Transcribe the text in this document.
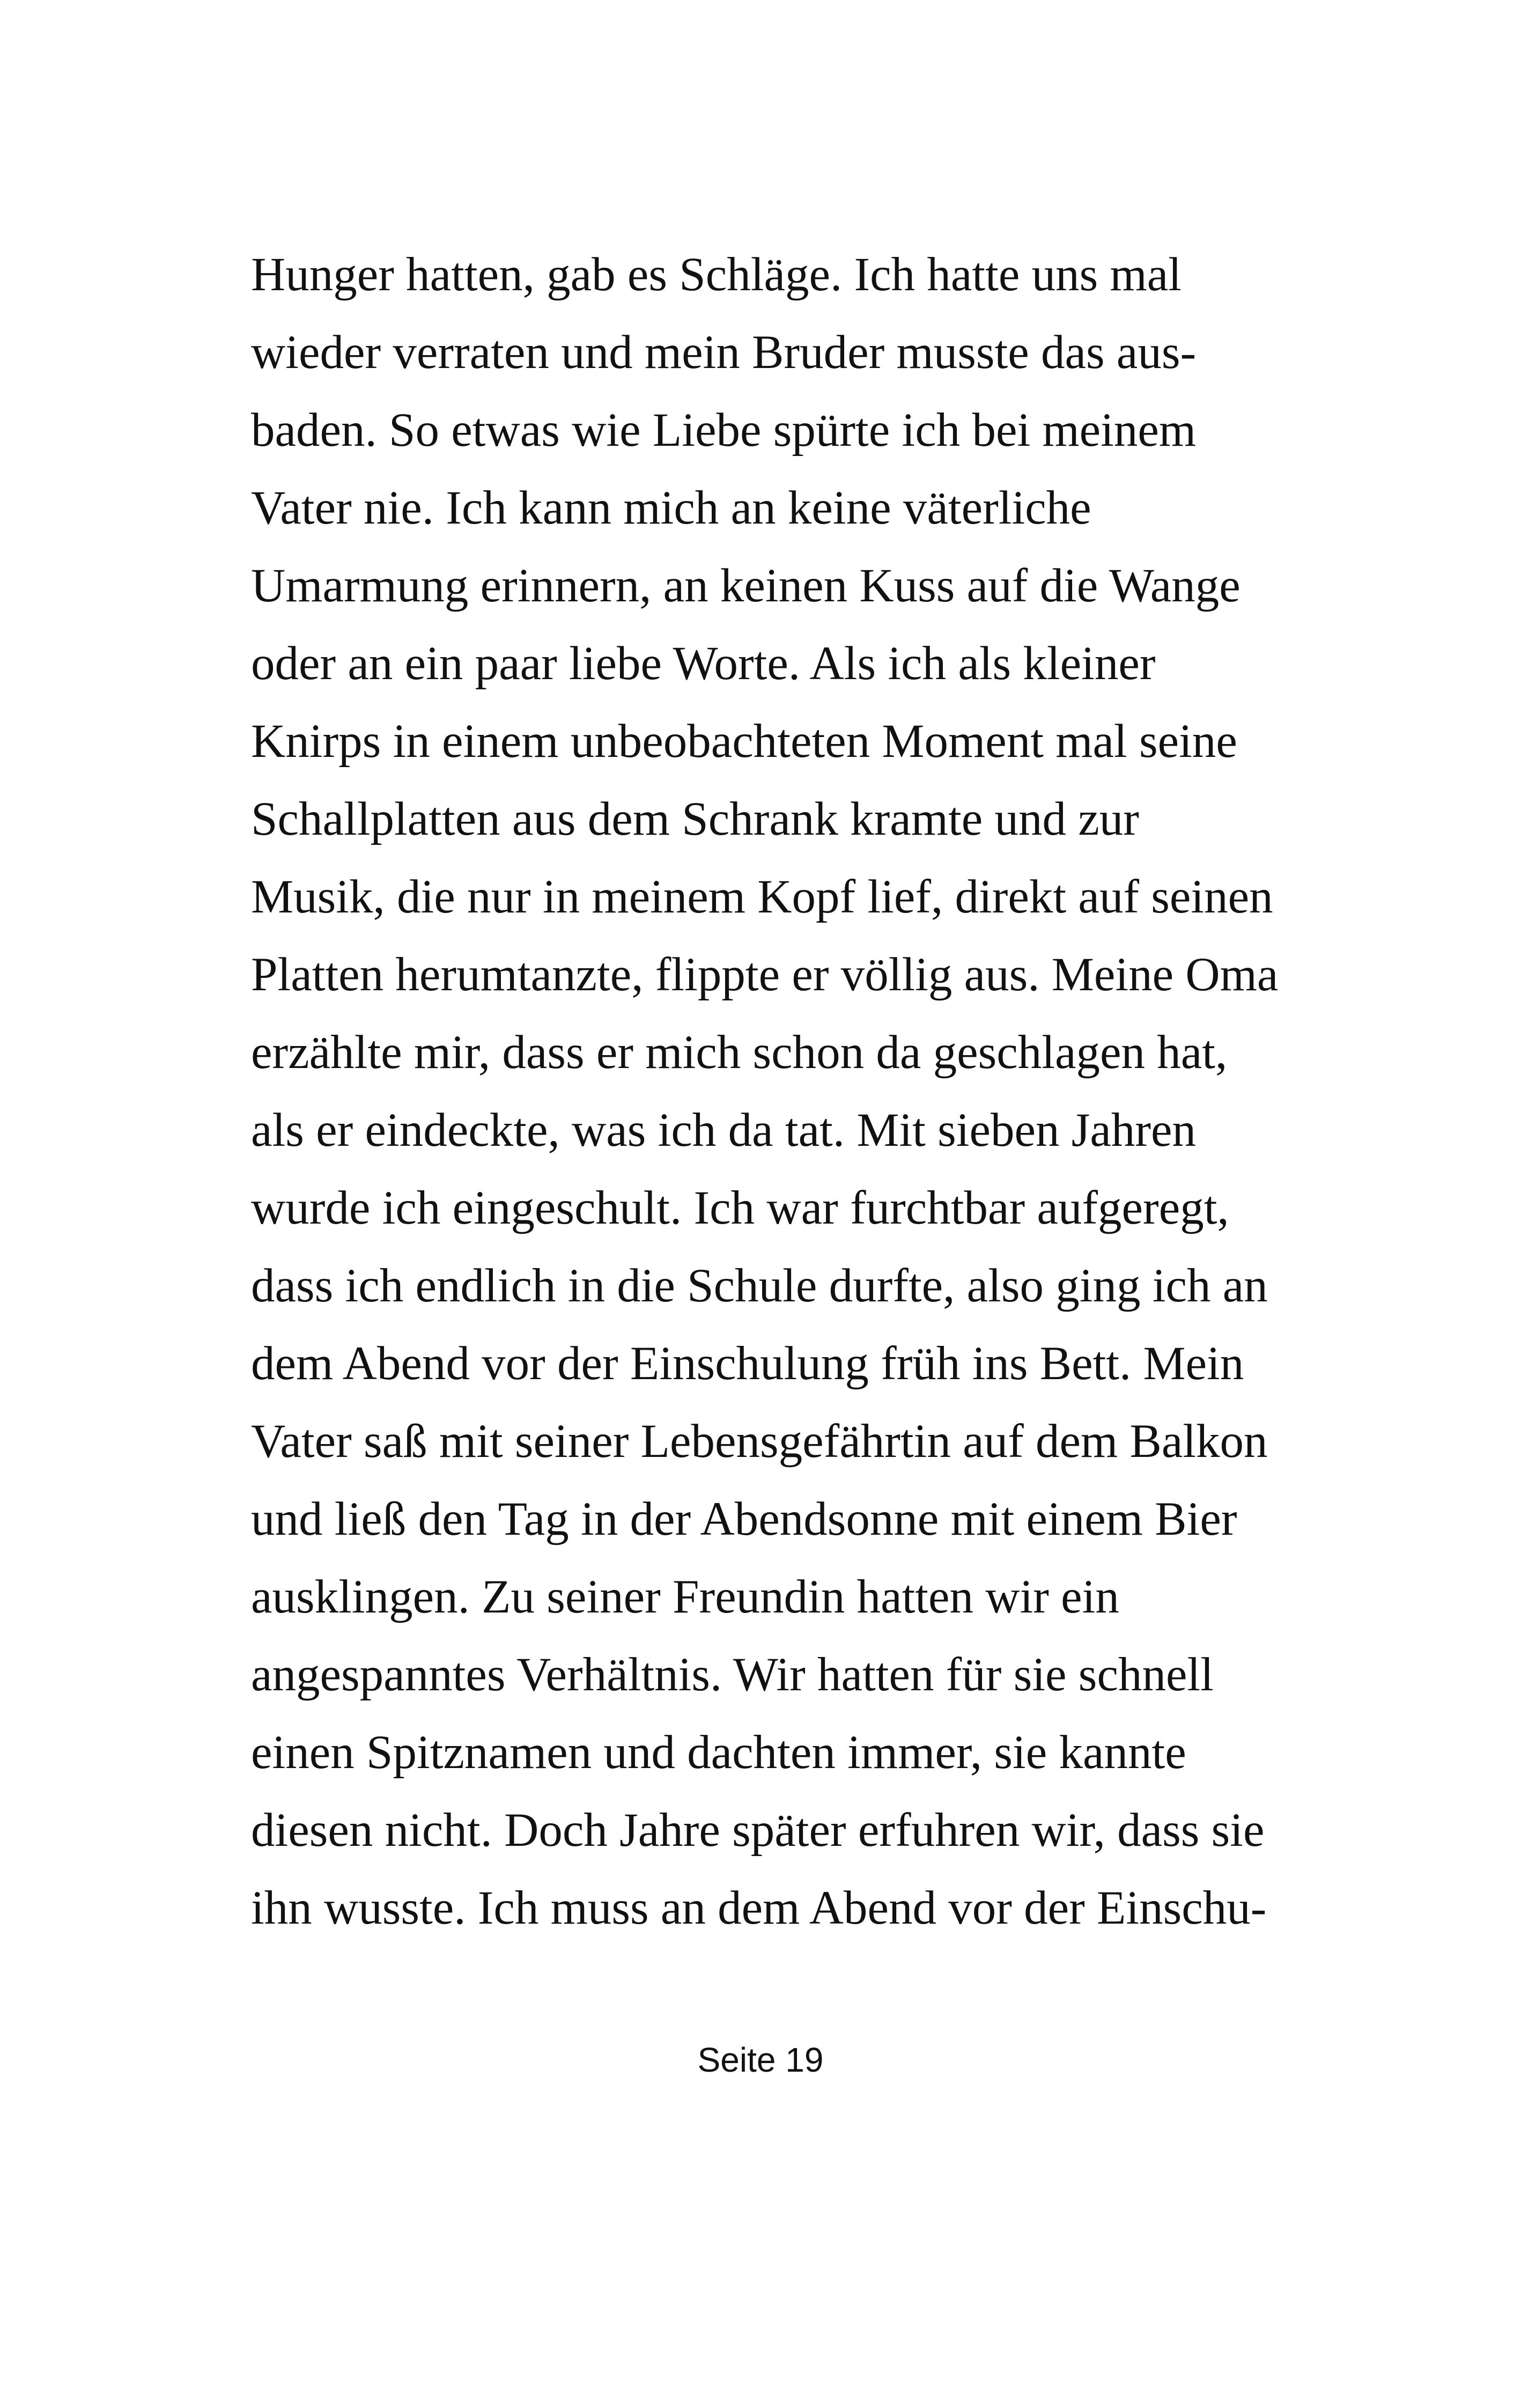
Hunger hatten, gab es Schläge. Ich hatte uns mal
wieder verraten und mein Bruder musste das aus-
baden. So etwas wie Liebe spürte ich bei meinem
Vater nie. Ich kann mich an keine väterliche
Umarmung erinnern, an keinen Kuss auf die Wange
oder an ein paar liebe Worte. Als ich als kleiner
Knirps in einem unbeobachteten Moment mal seine
Schallplatten aus dem Schrank kramte und zur
Musik, die nur in meinem Kopf lief, direkt auf seinen
Platten herumtanzte, flippte er völlig aus. Meine Oma
erzählte mir, dass er mich schon da geschlagen hat,
als er eindeckte, was ich da tat. Mit sieben Jahren
wurde ich eingeschult. Ich war furchtbar aufgeregt,
dass ich endlich in die Schule durfte, also ging ich an
dem Abend vor der Einschulung früh ins Bett. Mein
Vater saß mit seiner Lebensgefährtin auf dem Balkon
und ließ den Tag in der Abendsonne mit einem Bier
ausklingen. Zu seiner Freundin hatten wir ein
angespanntes Verhältnis. Wir hatten für sie schnell
einen Spitznamen und dachten immer, sie kannte
diesen nicht. Doch Jahre später erfuhren wir, dass sie
ihn wusste. Ich muss an dem Abend vor der Einschu-
Seite 19
